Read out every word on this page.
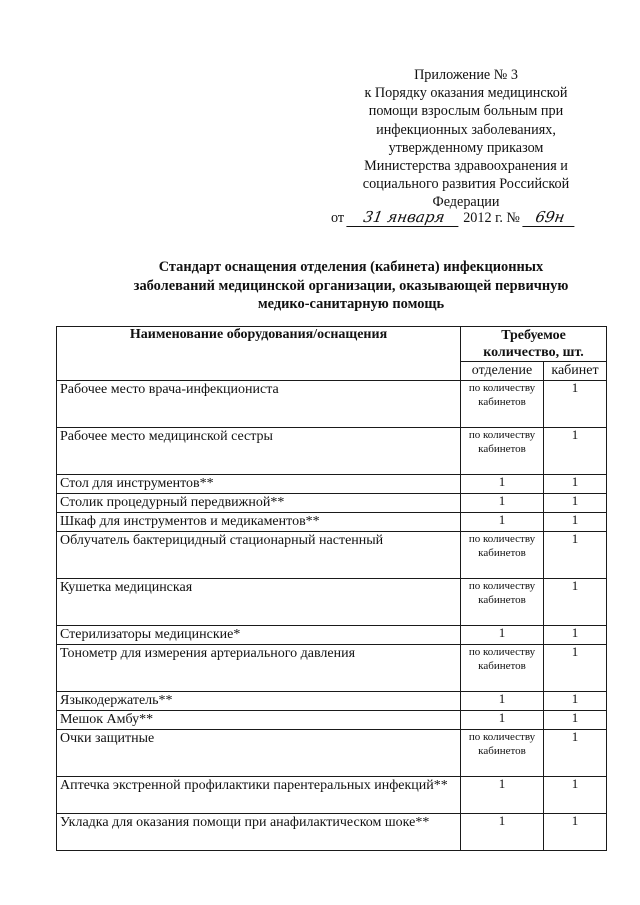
Приложение № 3
к Порядку оказания медицинской
помощи взрослым больным при
инфекционных заболеваниях,
утвержденному приказом
Министерства здравоохранения и
социального развития Российской
Федерации
от 31 января 2012 г. № 69н
Стандарт оснащения отделения (кабинета) инфекционных
заболеваний медицинской организации, оказывающей первичную
медико-санитарную помощь
Наименование оборудования/оснащения	Требуемое количество, шт.	
	отделение	кабинет
Рабочее место врача-инфекциониста	по количеству кабинетов	1
Рабочее место медицинской сестры	по количеству кабинетов	1
Стол для инструментов**	1	1
Столик процедурный передвижной**	1	1
Шкаф для инструментов и медикаментов**	1	1
Облучатель бактерицидный стационарный настенный	по количеству кабинетов	1
Кушетка медицинская	по количеству кабинетов	1
Стерилизаторы медицинские*	1	1
Тонометр для измерения артериального давления	по количеству кабинетов	1
Языкодержатель**	1	1
Мешок Амбу**	1	1
Очки защитные	по количеству кабинетов	1
Аптечка экстренной профилактики парентеральных инфекций**	1	1
Укладка для оказания помощи при анафилактическом шоке**	1	1
